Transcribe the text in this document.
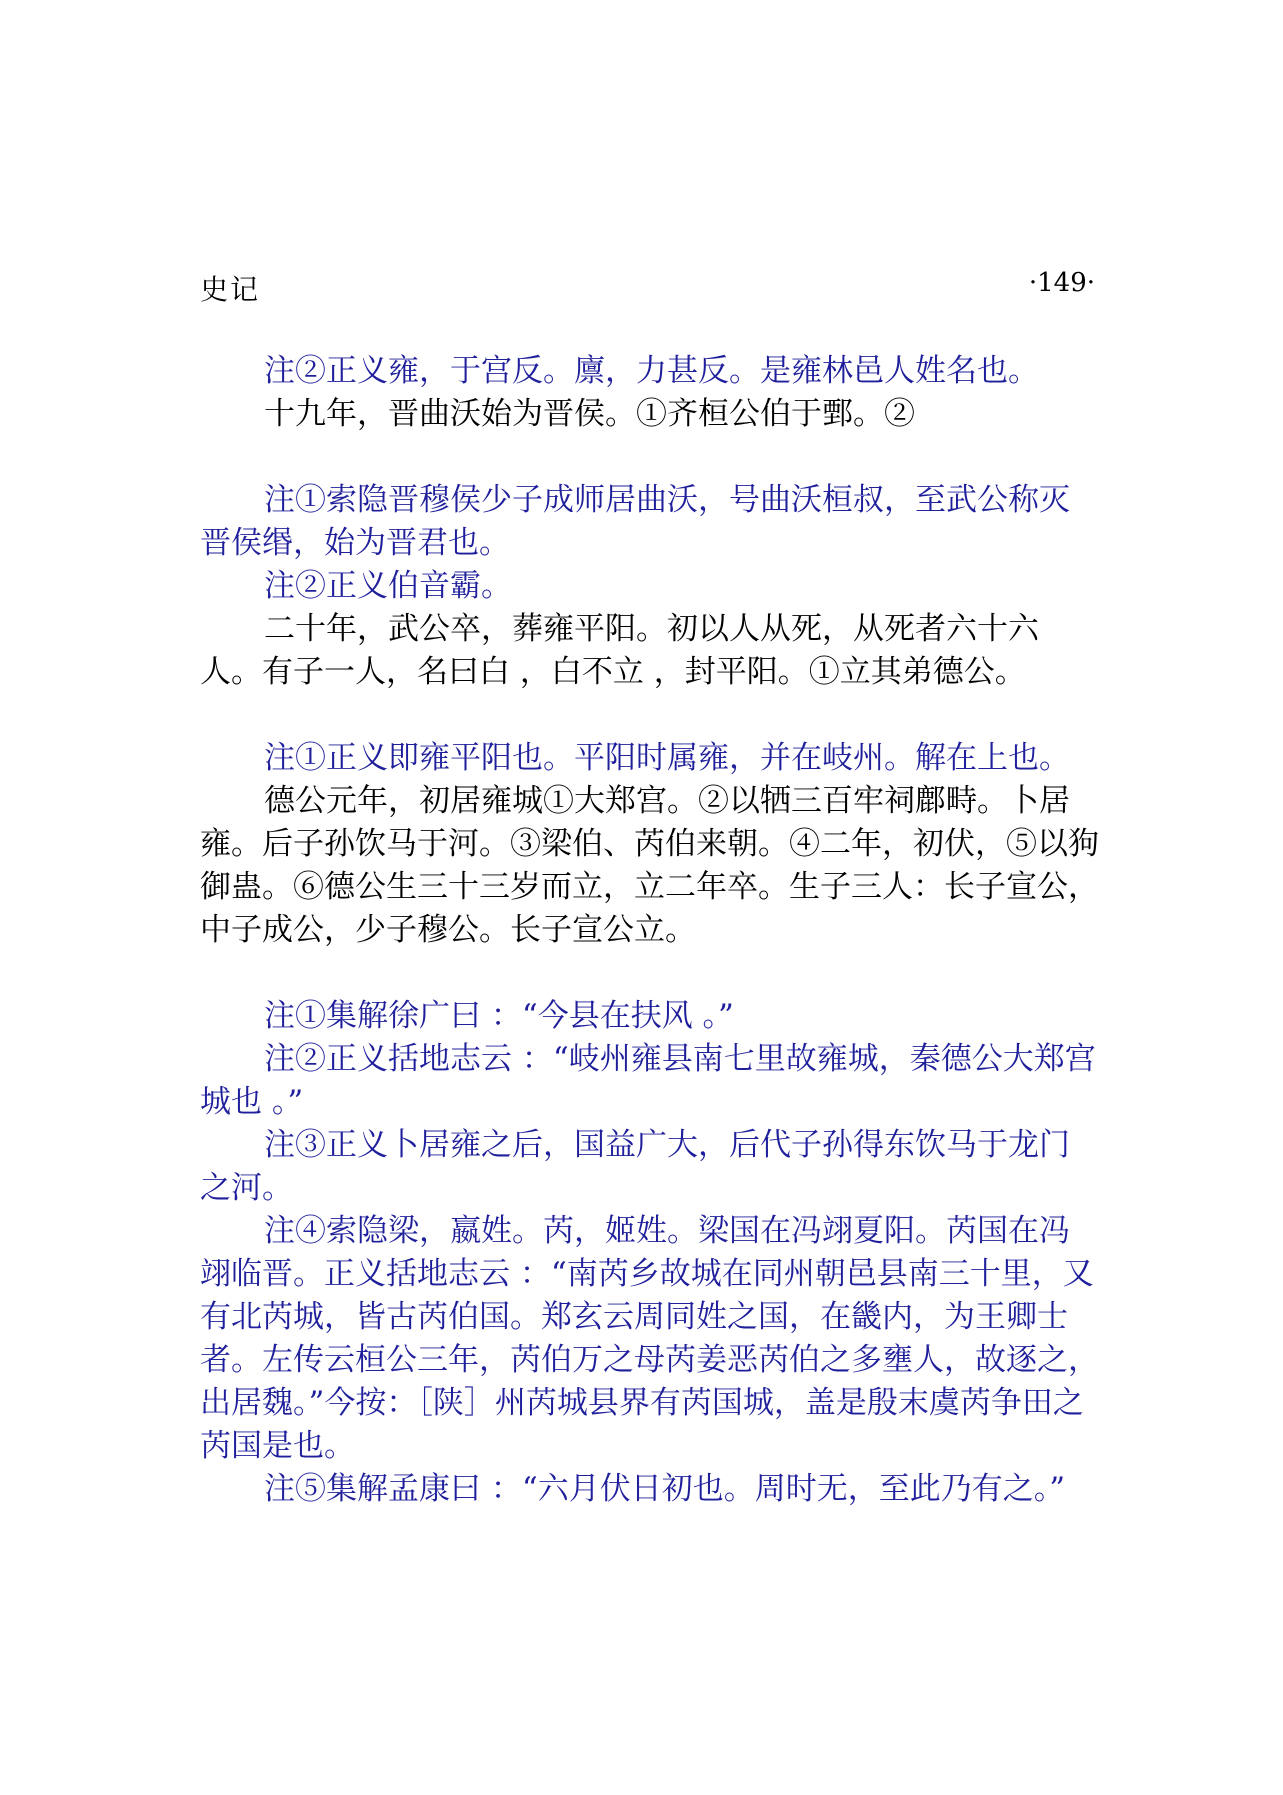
史记	·149·

注②正义雍，于宫反。廪，力甚反。是雍林邑人姓名也。

十九年，晋曲沃始为晋侯。①齐桓公伯于鄄。②

注①索隐晋穆侯少子成师居曲沃，号曲沃桓叔，至武公称灭晋侯缗，始为晋君也。

注②正义伯音霸。

二十年，武公卒，葬雍平阳。初以人从死，从死者六十六人。有子一人，名曰白 ，白不立 ，封平阳。①立其弟德公。

注①正义即雍平阳也。平阳时属雍，并在岐州。解在上也。

德公元年，初居雍城①大郑宫。②以牺三百牢祠鄜畤。卜居雍。后子孙饮马于河。③梁伯、芮伯来朝。④二年，初伏，⑤以狗御蛊。⑥德公生三十三岁而立，立二年卒。生子三人：长子宣公，中子成公，少子穆公。长子宣公立。

注①集解徐广曰 ：“今县在扶风 。”

注②正义括地志云 ：“岐州雍县南七里故雍城，秦德公大郑宫城也 。”

注③正义卜居雍之后，国益广大，后代子孙得东饮马于龙门之河。

注④索隐梁，嬴姓。芮，姬姓。梁国在冯翊夏阳。芮国在冯翊临晋。正义括地志云 ：“南芮乡故城在同州朝邑县南三十里，又有北芮城，皆古芮伯国。郑玄云周同姓之国，在畿内，为王卿士者。左传云桓公三年，芮伯万之母芮姜恶芮伯之多壅人，故逐之，出居魏。”今按：［陕］州芮城县界有芮国城，盖是殷末虞芮争田之芮国是也。

注⑤集解孟康曰 ：“六月伏日初也。周时无，至此乃有之。”
